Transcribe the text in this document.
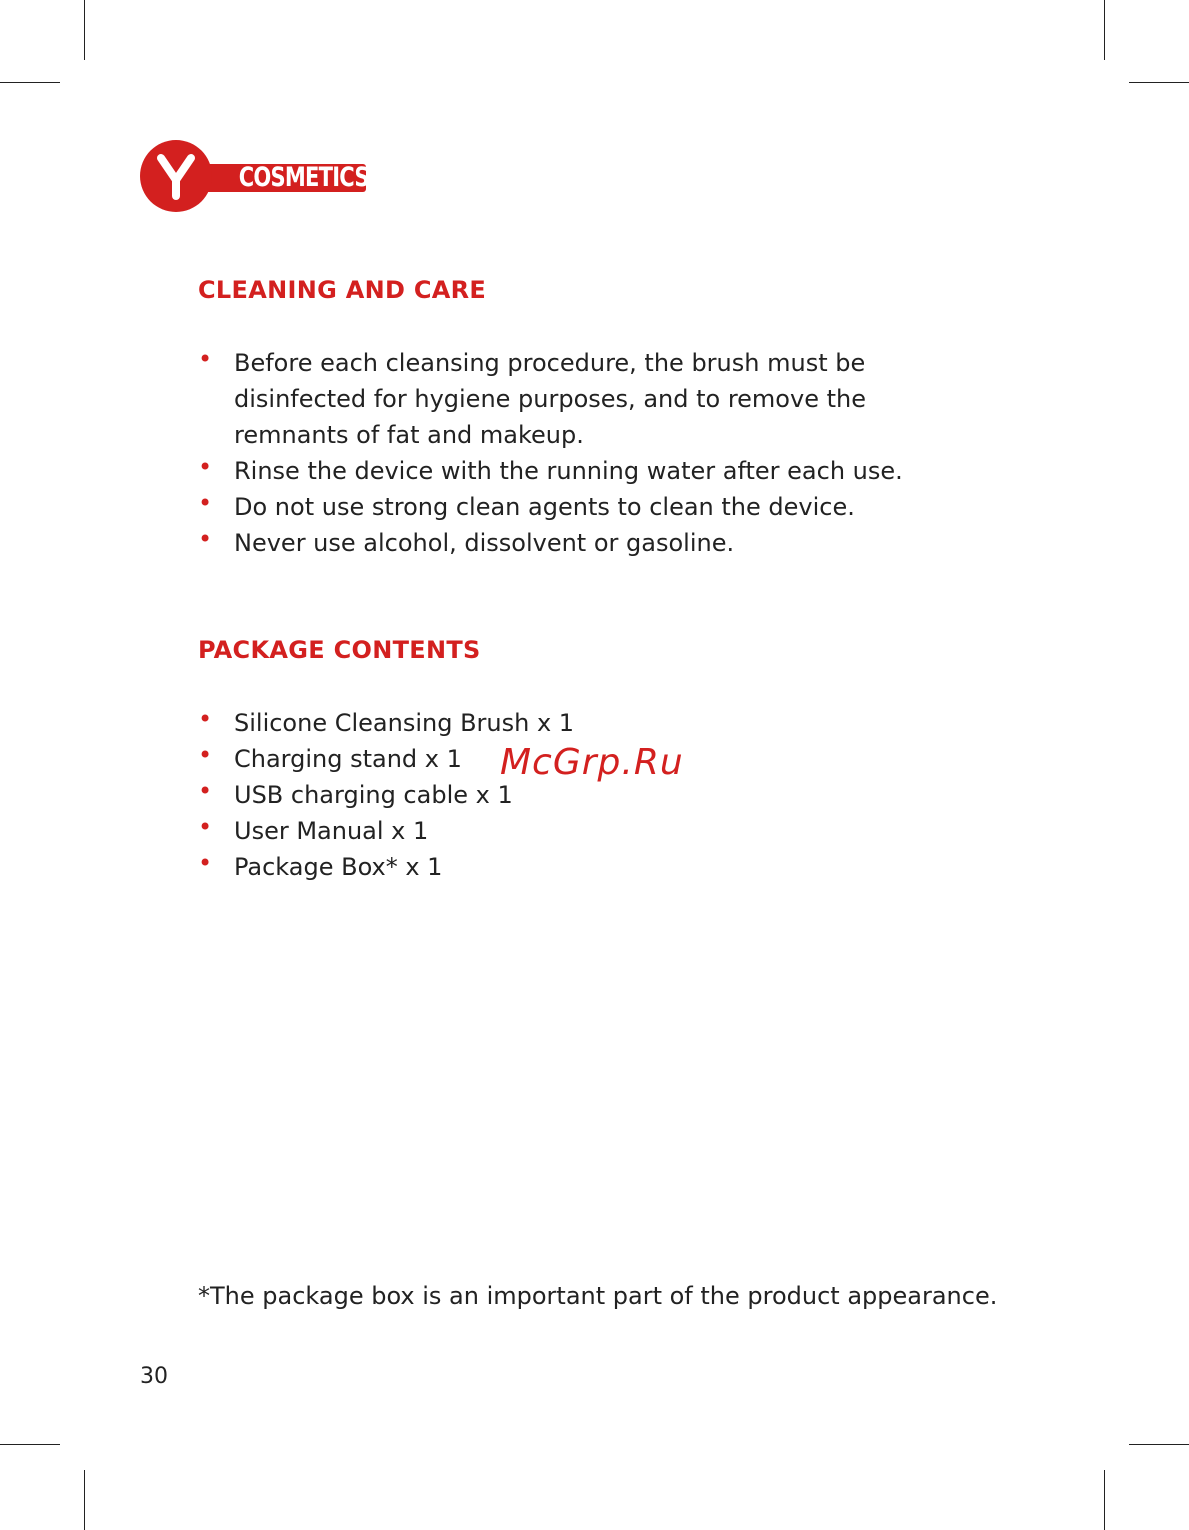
COSMETICS
CLEANING AND CARE
• Before each cleansing procedure, the brush must be disinfected for hygiene purposes, and to remove the remnants of fat and makeup.
• Rinse the device with the running water after each use.
• Do not use strong clean agents to clean the device.
• Never use alcohol, dissolvent or gasoline.
PACKAGE CONTENTS
• Silicone Cleansing Brush x 1
• Charging stand x 1
• USB charging cable x 1
• User Manual x 1
• Package Box* x 1
McGrp.Ru
*The package box is an important part of the product appearance.
30
